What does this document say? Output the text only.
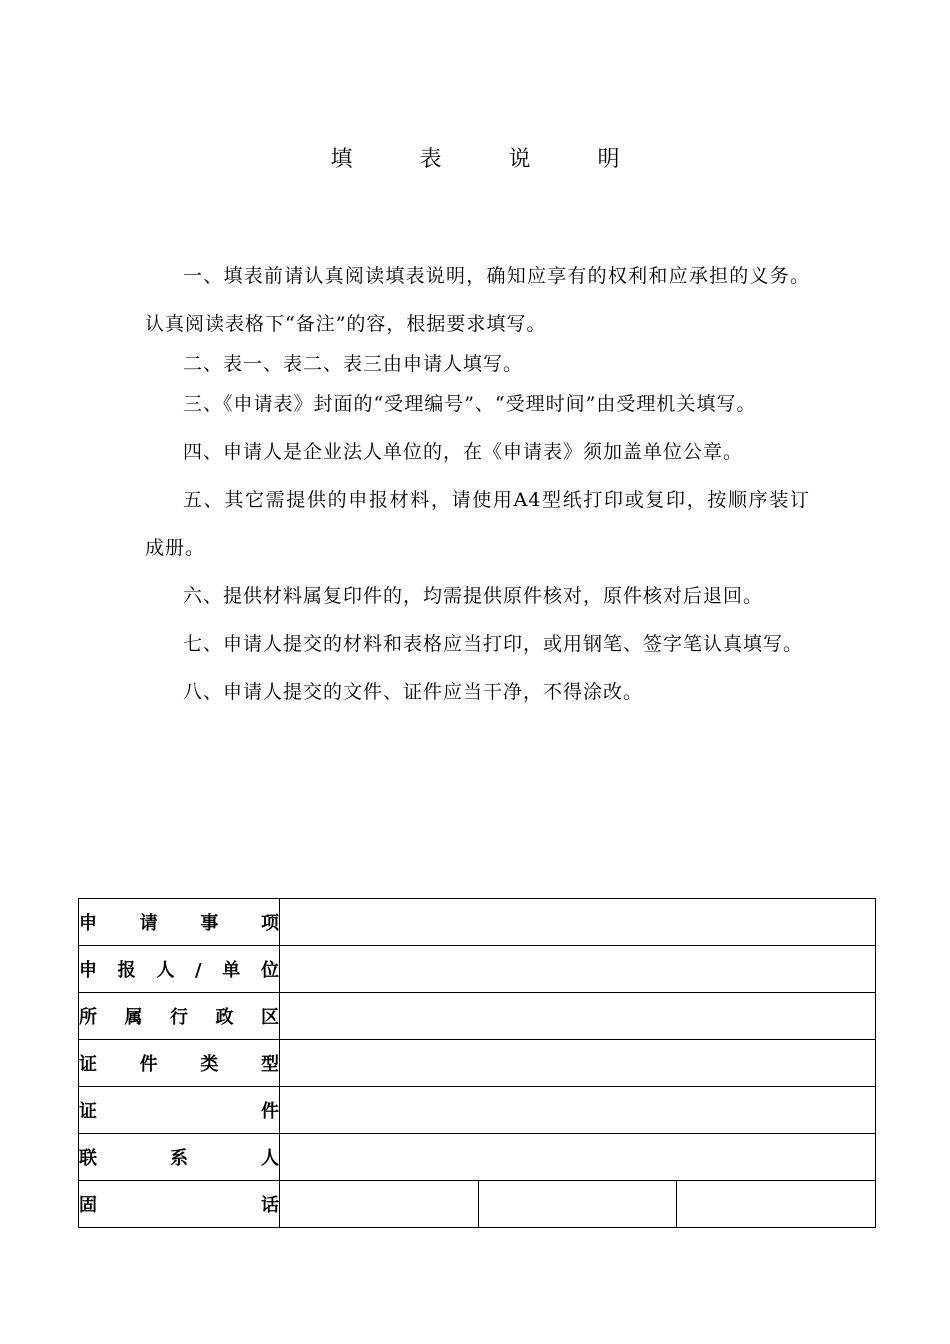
填 表 说 明

一、填表前请认真阅读填表说明，确知应享有的权利和应承担的义务。认真阅读表格下“备注”的容，根据要求填写。

二、表一、表二、表三由申请人填写。

三、《申请表》封面的“受理编号”、“受理时间”由受理机关填写。

四、申请人是企业法人单位的，在《申请表》须加盖单位公章。

五、其它需提供的申报材料，请使用A4型纸打印或复印，按顺序装订成册。

六、提供材料属复印件的，均需提供原件核对，原件核对后退回。

七、申请人提交的材料和表格应当打印，或用钢笔、签字笔认真填写。

八、申请人提交的文件、证件应当干净，不得涂改。

申请事项			
申报人/单位			
所属行政区			
证件类型			
证件			
联系人			
固话			
